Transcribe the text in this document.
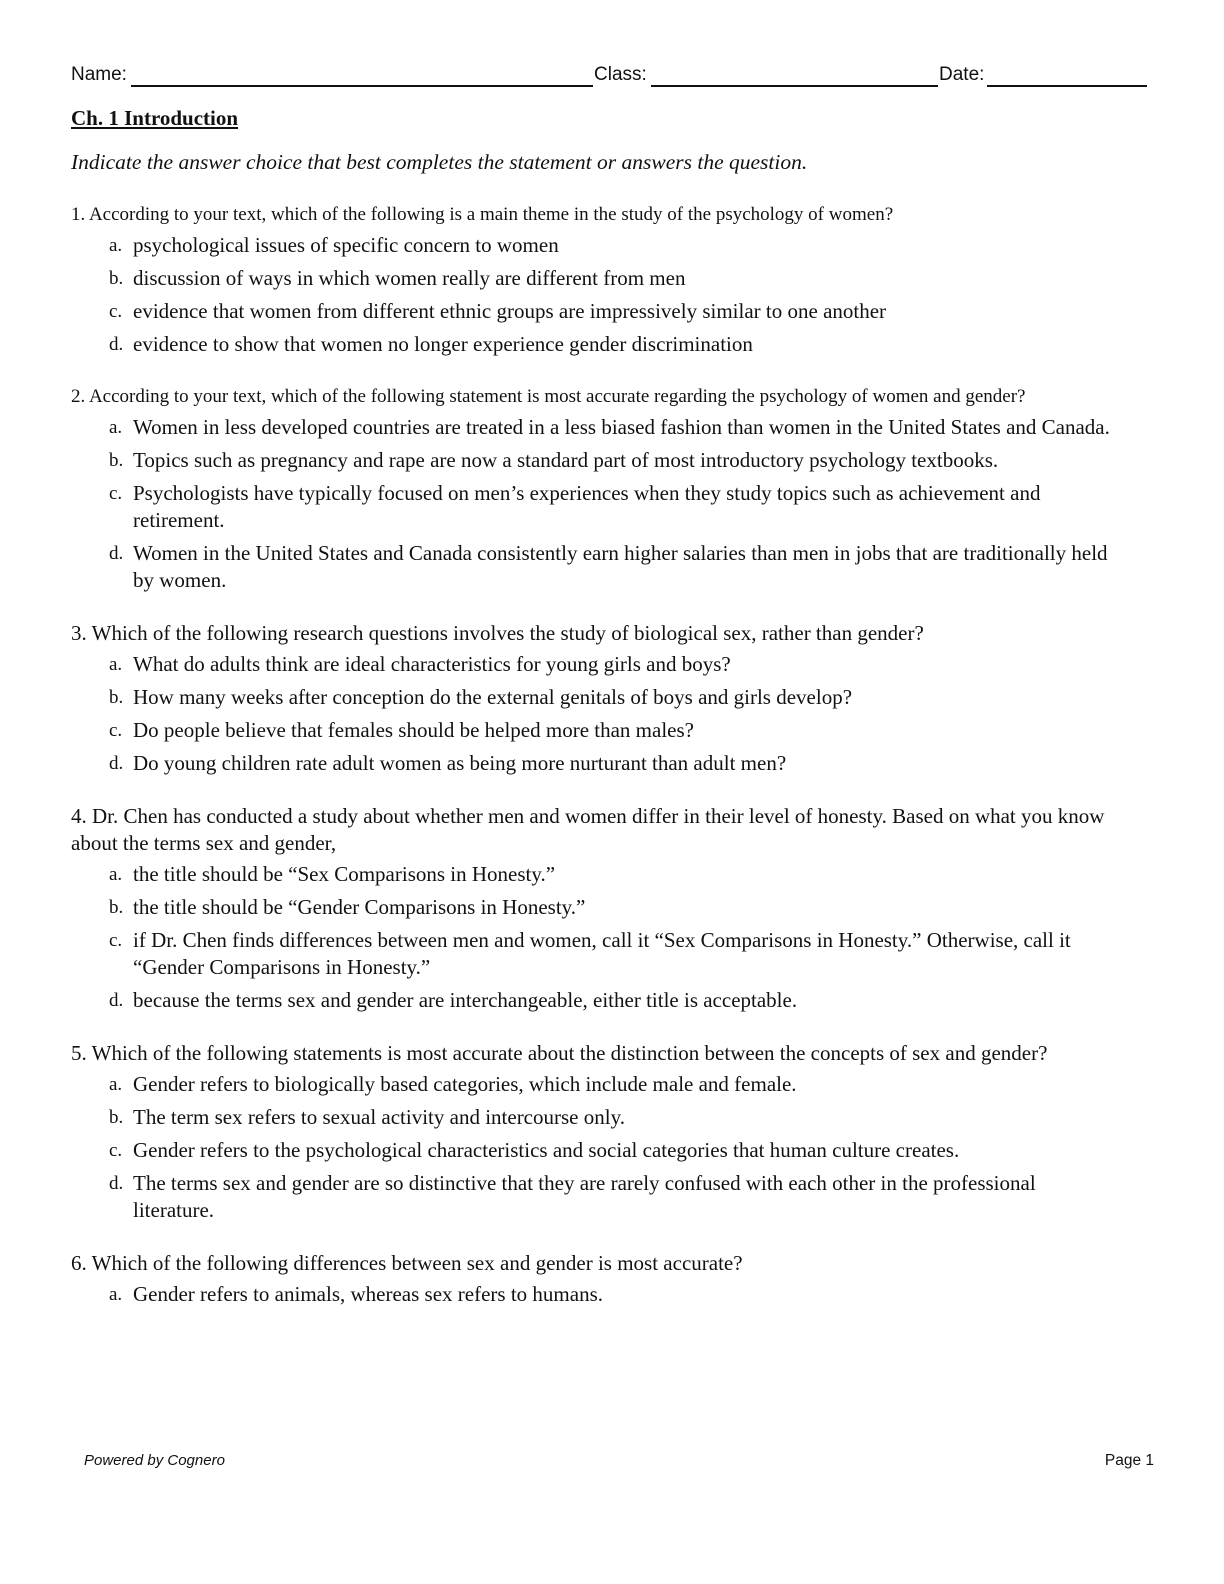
Name:	Class:	Date:
Ch. 1 Introduction
Indicate the answer choice that best completes the statement or answers the question.

1. According to your text, which of the following is a main theme in the study of the psychology of women?

a. psychological issues of specific concern to women
b. discussion of ways in which women really are different from men
c. evidence that women from different ethnic groups are impressively similar to one another
d. evidence to show that women no longer experience gender discrimination

2. According to your text, which of the following statement is most accurate regarding the psychology of women and gender?

a. Women in less developed countries are treated in a less biased fashion than women in the United States and Canada.
b. Topics such as pregnancy and rape are now a standard part of most introductory psychology textbooks.
c. Psychologists have typically focused on men’s experiences when they study topics such as achievement and retirement.
d. Women in the United States and Canada consistently earn higher salaries than men in jobs that are traditionally held by women.

3. Which of the following research questions involves the study of biological sex, rather than gender?

a. What do adults think are ideal characteristics for young girls and boys?
b. How many weeks after conception do the external genitals of boys and girls develop?
c. Do people believe that females should be helped more than males?
d. Do young children rate adult women as being more nurturant than adult men?

4. Dr. Chen has conducted a study about whether men and women differ in their level of honesty. Based on what you know about the terms sex and gender,

a. the title should be “Sex Comparisons in Honesty.”
b. the title should be “Gender Comparisons in Honesty.”
c. if Dr. Chen finds differences between men and women, call it “Sex Comparisons in Honesty.” Otherwise, call it “Gender Comparisons in Honesty.”
d. because the terms sex and gender are interchangeable, either title is acceptable.

5. Which of the following statements is most accurate about the distinction between the concepts of sex and gender?

a. Gender refers to biologically based categories, which include male and female.
b. The term sex refers to sexual activity and intercourse only.
c. Gender refers to the psychological characteristics and social categories that human culture creates.
d. The terms sex and gender are so distinctive that they are rarely confused with each other in the professional literature.

6. Which of the following differences between sex and gender is most accurate?

a. Gender refers to animals, whereas sex refers to humans.
Powered by Cognero	Page 1
